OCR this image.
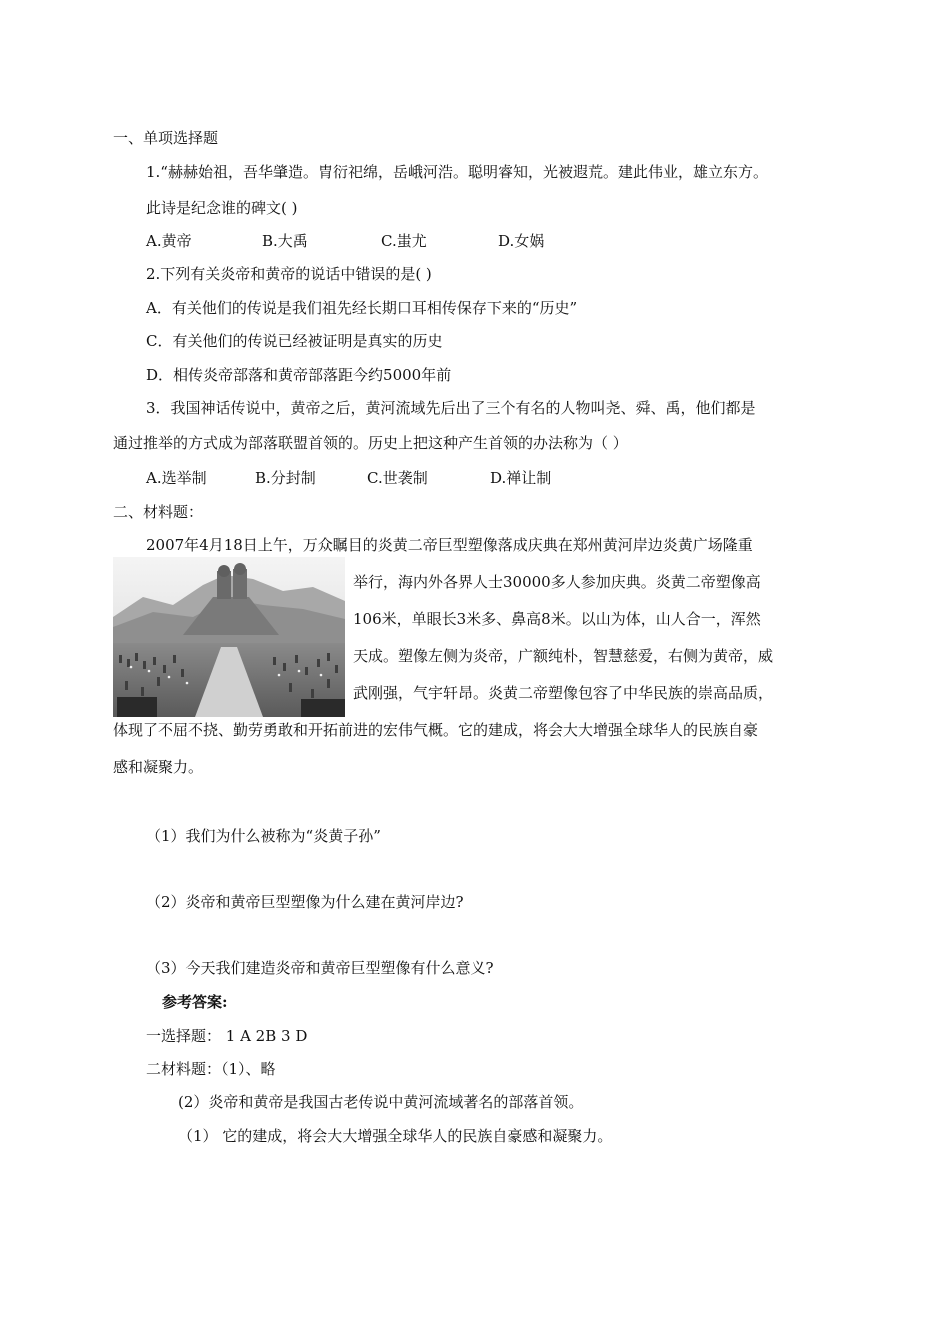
一、单项选择题
1.“赫赫始祖，吾华肇造。胄衍祀绵，岳峨河浩。聪明睿知，光被遐荒。建此伟业，雄立东方。
此诗是纪念谁的碑文( )
A.黄帝	B.大禹	C.蚩尤	D.女娲
2.下列有关炎帝和黄帝的说话中错误的是( )
A．有关他们的传说是我们祖先经长期口耳相传保存下来的“历史”
C．有关他们的传说已经被证明是真实的历史
D．相传炎帝部落和黄帝部落距今约5000年前
3．我国神话传说中，黄帝之后，黄河流域先后出了三个有名的人物叫尧、舜、禹，他们都是
通过推举的方式成为部落联盟首领的。历史上把这种产生首领的办法称为（ ）
A.选举制	B.分封制	C.世袭制	D.禅让制
二、材料题：
2007年4月18日上午，万众瞩目的炎黄二帝巨型塑像落成庆典在郑州黄河岸边炎黄广场隆重
举行，海内外各界人士30000多人参加庆典。炎黄二帝塑像高
106米，单眼长3米多、鼻高8米。以山为体，山人合一，浑然
天成。塑像左侧为炎帝，广额纯朴，智慧慈爱，右侧为黄帝，威
武刚强，气宇轩昂。炎黄二帝塑像包容了中华民族的崇高品质，
体现了不屈不挠、勤劳勇敢和开拓前进的宏伟气概。它的建成，将会大大增强全球华人的民族自豪
感和凝聚力。
（1）我们为什么被称为“炎黄子孙”
（2）炎帝和黄帝巨型塑像为什么建在黄河岸边?
（3）今天我们建造炎帝和黄帝巨型塑像有什么意义?
参考答案:
一选择题： 1 A 2B 3 D
二材料题：（1）、略
(2）炎帝和黄帝是我国古老传说中黄河流域著名的部落首领。
（1） 它的建成，将会大大增强全球华人的民族自豪感和凝聚力。
